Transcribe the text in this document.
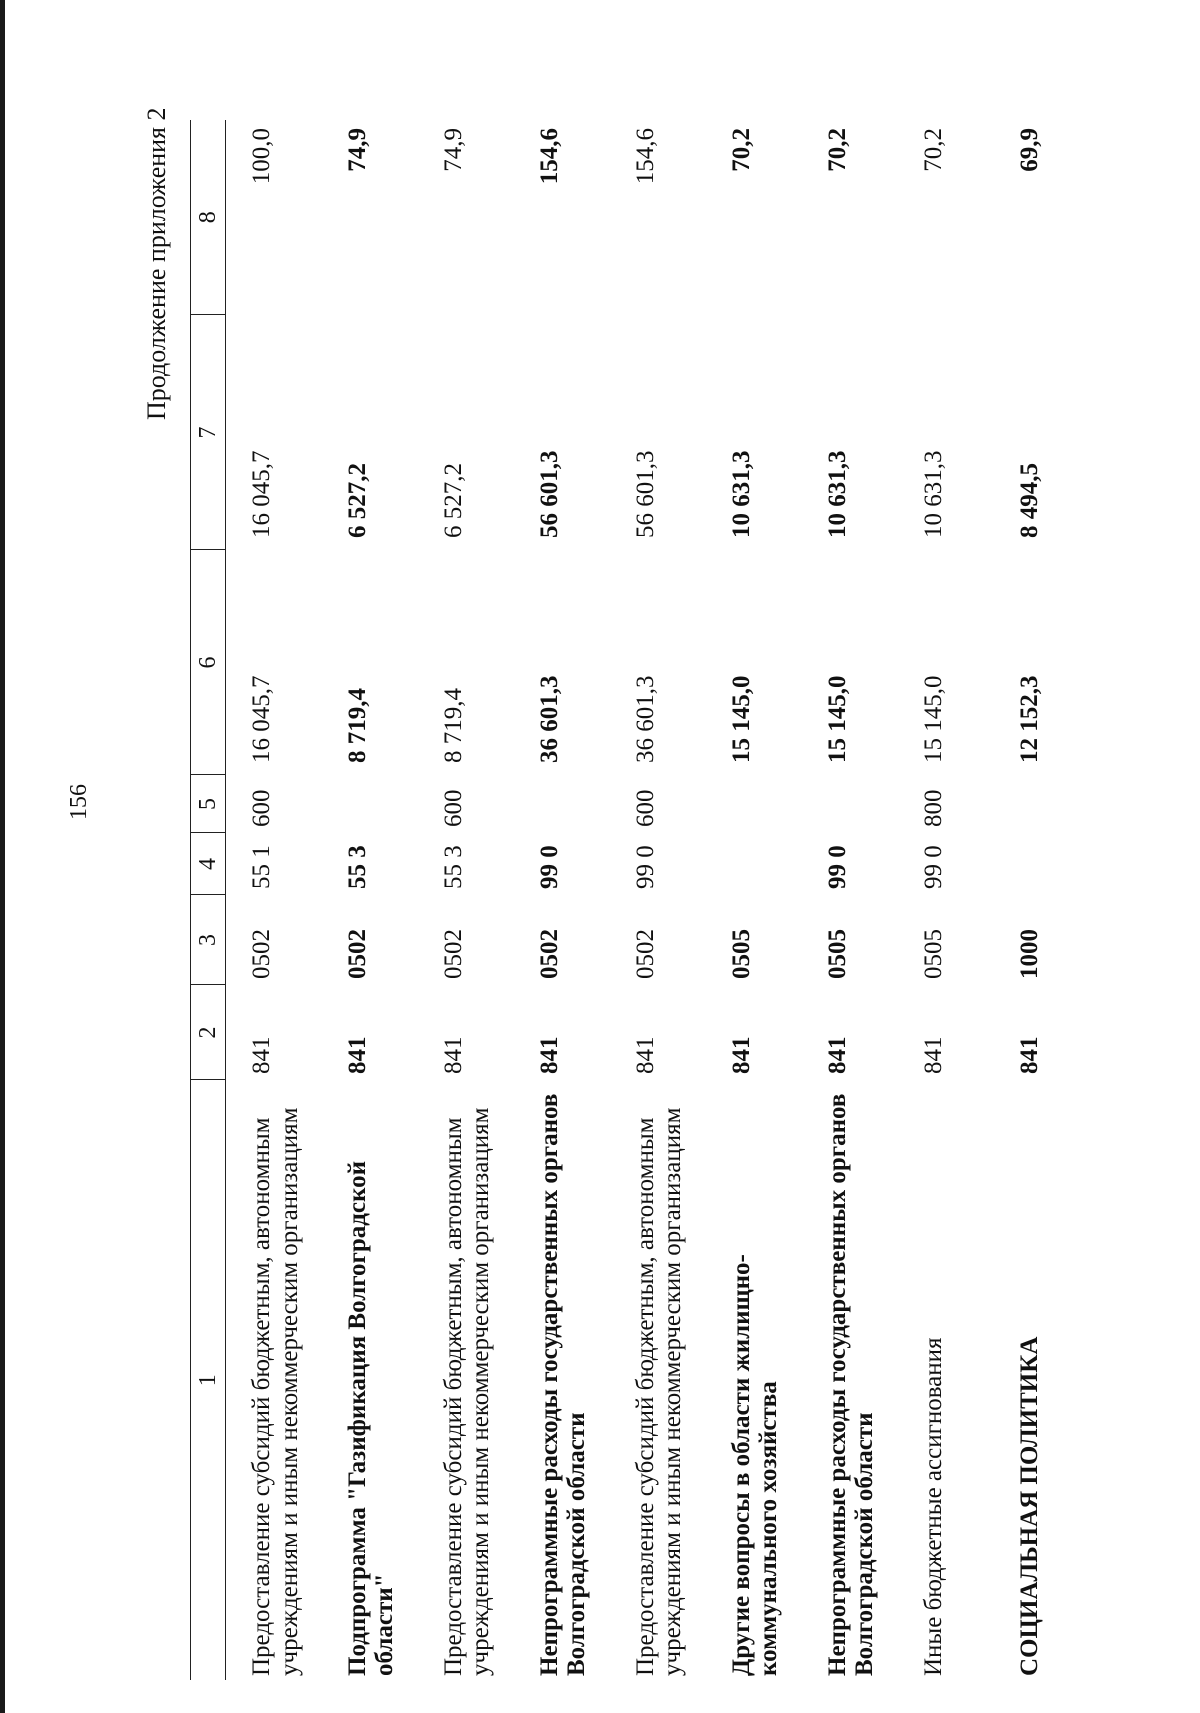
156
Продолжение приложения 2
1	2	3	4	5	6	7	8
Предоставление субсидий бюджетным, автономным учреждениям и иным некоммерческим организациям	841	0502	55 1	600	16 045,7	16 045,7	100,0
Подпрограмма "Газификация Волгоградской области"	841	0502	55 3		8 719,4	6 527,2	74,9
Предоставление субсидий бюджетным, автономным учреждениям и иным некоммерческим организациям	841	0502	55 3	600	8 719,4	6 527,2	74,9
Непрограммные расходы государственных органов Волгоградской области	841	0502	99 0		36 601,3	56 601,3	154,6
Предоставление субсидий бюджетным, автономным учреждениям и иным некоммерческим организациям	841	0502	99 0	600	36 601,3	56 601,3	154,6
Другие вопросы в области жилищно-коммунального хозяйства	841	0505			15 145,0	10 631,3	70,2
Непрограммные расходы государственных органов Волгоградской области	841	0505	99 0		15 145,0	10 631,3	70,2
Иные бюджетные ассигнования	841	0505	99 0	800	15 145,0	10 631,3	70,2
СОЦИАЛЬНАЯ ПОЛИТИКА	841	1000			12 152,3	8 494,5	69,9
